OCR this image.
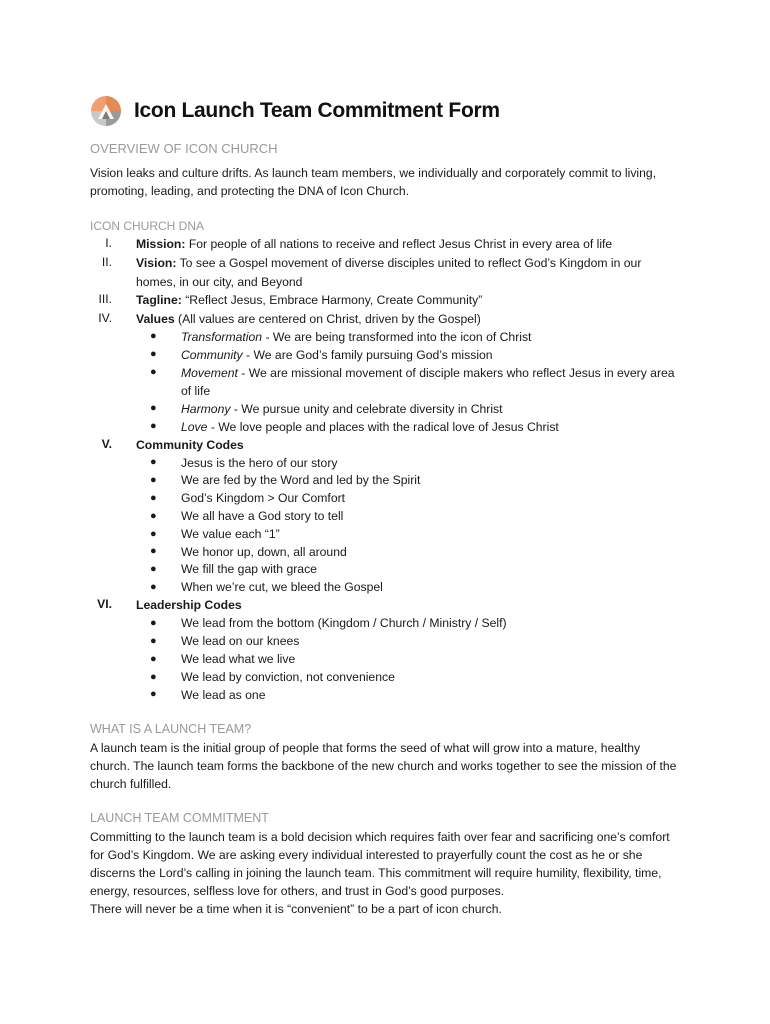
Icon Launch Team Commitment Form
OVERVIEW OF ICON CHURCH
Vision leaks and culture drifts. As launch team members, we individually and corporately commit to living, promoting, leading, and protecting the DNA of Icon Church.
ICON CHURCH DNA
I. Mission: For people of all nations to receive and reflect Jesus Christ in every area of life
II. Vision: To see a Gospel movement of diverse disciples united to reflect God’s Kingdom in our
homes, in our city, and Beyond
III. Tagline: “Reflect Jesus, Embrace Harmony, Create Community”
IV. Values (All values are centered on Christ, driven by the Gospel)
● Transformation - We are being transformed into the icon of Christ
● Community - We are God’s family pursuing God’s mission
● Movement - We are missional movement of disciple makers who reflect Jesus in every area
of life
● Harmony - We pursue unity and celebrate diversity in Christ
● Love - We love people and places with the radical love of Jesus Christ
V. Community Codes
● Jesus is the hero of our story
● We are fed by the Word and led by the Spirit
● God’s Kingdom > Our Comfort
● We all have a God story to tell
● We value each “1”
● We honor up, down, all around
● We fill the gap with grace
● When we’re cut, we bleed the Gospel
VI. Leadership Codes
● We lead from the bottom (Kingdom / Church / Ministry / Self)
● We lead on our knees
● We lead what we live
● We lead by conviction, not convenience
● We lead as one
WHAT IS A LAUNCH TEAM?
A launch team is the initial group of people that forms the seed of what will grow into a mature, healthy
church. The launch team forms the backbone of the new church and works together to see the mission of the
church fulfilled.
LAUNCH TEAM COMMITMENT
Committing to the launch team is a bold decision which requires faith over fear and sacrificing one’s comfort
for God’s Kingdom. We are asking every individual interested to prayerfully count the cost as he or she
discerns the Lord’s calling in joining the launch team. This commitment will require humility, flexibility, time,
energy, resources, selfless love for others, and trust in God’s good purposes.
There will never be a time when it is “convenient” to be a part of icon church.
